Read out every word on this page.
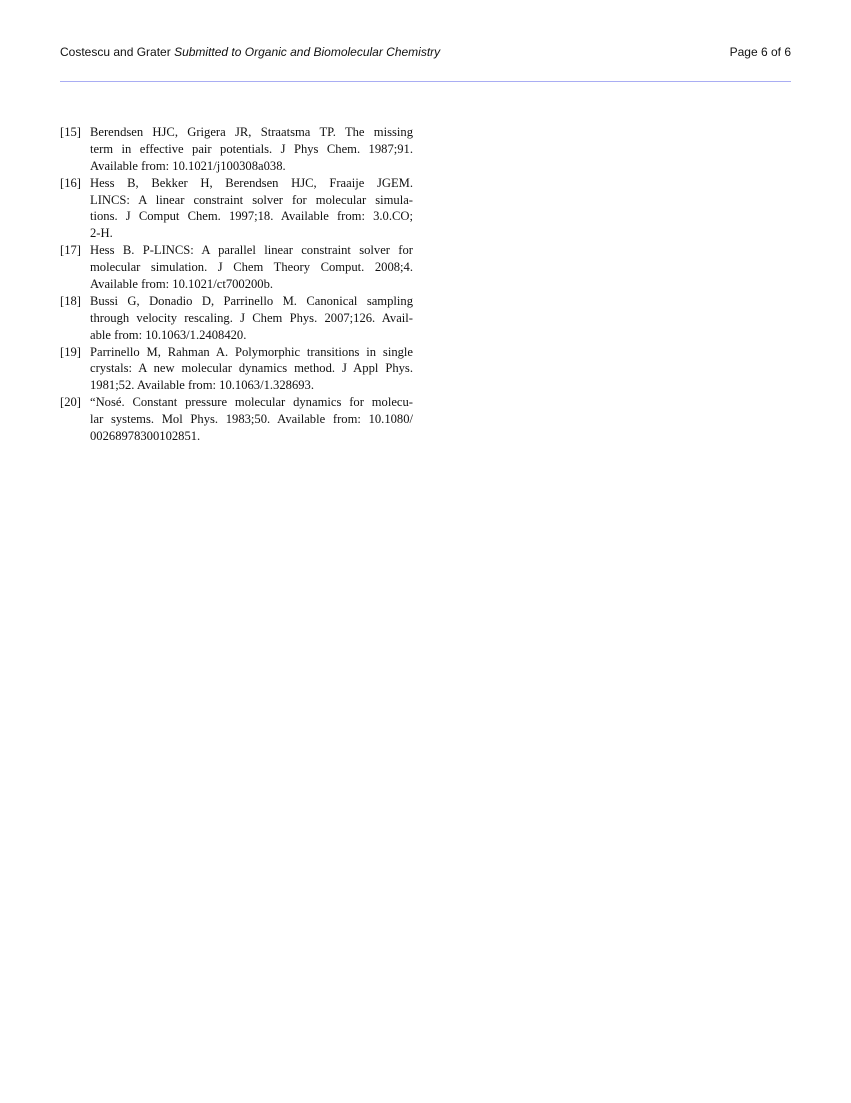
Costescu and Grater Submitted to Organic and Biomolecular Chemistry	Page 6 of 6
[15] Berendsen HJC, Grigera JR, Straatsma TP. The missing
term in effective pair potentials. J Phys Chem. 1987;91.
Available from: 10.1021/j100308a038.
[16] Hess B, Bekker H, Berendsen HJC, Fraaije JGEM.
LINCS: A linear constraint solver for molecular simula-
tions. J Comput Chem. 1997;18. Available from: 3.0.CO;
2-H.
[17] Hess B. P-LINCS: A parallel linear constraint solver for
molecular simulation. J Chem Theory Comput. 2008;4.
Available from: 10.1021/ct700200b.
[18] Bussi G, Donadio D, Parrinello M. Canonical sampling
through velocity rescaling. J Chem Phys. 2007;126. Avail-
able from: 10.1063/1.2408420.
[19] Parrinello M, Rahman A. Polymorphic transitions in single
crystals: A new molecular dynamics method. J Appl Phys.
1981;52. Available from: 10.1063/1.328693.
[20] “Nosé. Constant pressure molecular dynamics for molecu-
lar systems. Mol Phys. 1983;50. Available from: 10.1080/
00268978300102851.
